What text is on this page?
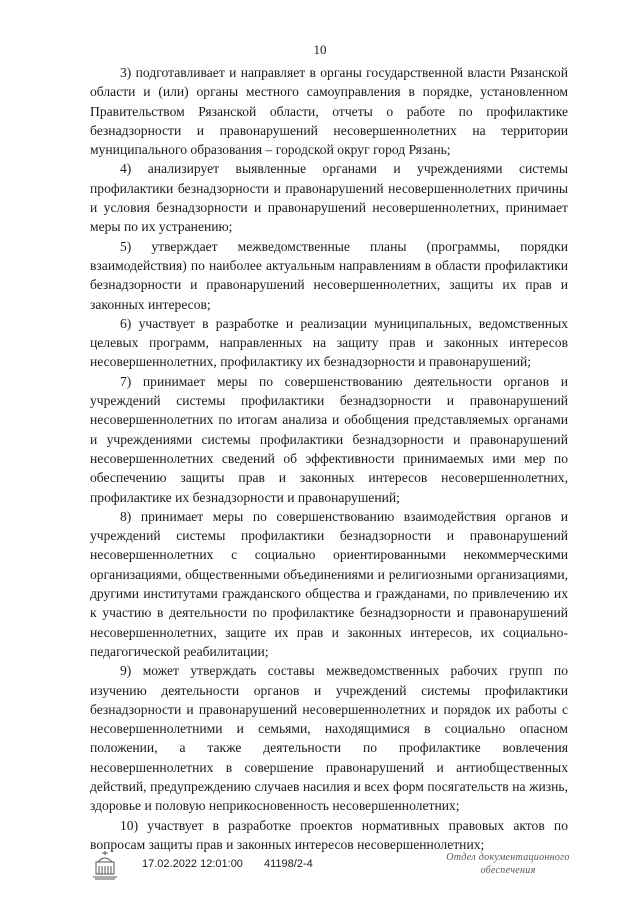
10

3) подготавливает и направляет в органы государственной власти Рязанской области и (или) органы местного самоуправления в порядке, установленном Правительством Рязанской области, отчеты о работе по профилактике безнадзорности и правонарушений несовершеннолетних на территории муниципального образования – городской округ город Рязань;

4) анализирует выявленные органами и учреждениями системы профилактики безнадзорности и правонарушений несовершеннолетних причины и условия безнадзорности и правонарушений несовершеннолетних, принимает меры по их устранению;

5) утверждает межведомственные планы (программы, порядки взаимодействия) по наиболее актуальным направлениям в области профилактики безнадзорности и правонарушений несовершеннолетних, защиты их прав и законных интересов;

6) участвует в разработке и реализации муниципальных, ведомственных целевых программ, направленных на защиту прав и законных интересов несовершеннолетних, профилактику их безнадзорности и правонарушений;

7) принимает меры по совершенствованию деятельности органов и учреждений системы профилактики безнадзорности и правонарушений несовершеннолетних по итогам анализа и обобщения представляемых органами и учреждениями системы профилактики безнадзорности и правонарушений несовершеннолетних сведений об эффективности принимаемых ими мер по обеспечению защиты прав и законных интересов несовершеннолетних, профилактике их безнадзорности и правонарушений;

8) принимает меры по совершенствованию взаимодействия органов и учреждений системы профилактики безнадзорности и правонарушений несовершеннолетних с социально ориентированными некоммерческими организациями, общественными объединениями и религиозными организациями, другими институтами гражданского общества и гражданами, по привлечению их к участию в деятельности по профилактике безнадзорности и правонарушений несовершеннолетних, защите их прав и законных интересов, их социально-педагогической реабилитации;

9) может утверждать составы межведомственных рабочих групп по изучению деятельности органов и учреждений системы профилактики безнадзорности и правонарушений несовершеннолетних и порядок их работы с несовершеннолетними и семьями, находящимися в социально опасном положении, а также деятельности по профилактике вовлечения несовершеннолетних в совершение правонарушений и антиобщественных действий, предупреждению случаев насилия и всех форм посягательств на жизнь, здоровье и половую неприкосновенность несовершеннолетних;

10) участвует в разработке проектов нормативных правовых актов по вопросам защиты прав и законных интересов несовершеннолетних;

17.02.2022 12:01:00 41198/2-4
Отдел документационного
обеспечения
